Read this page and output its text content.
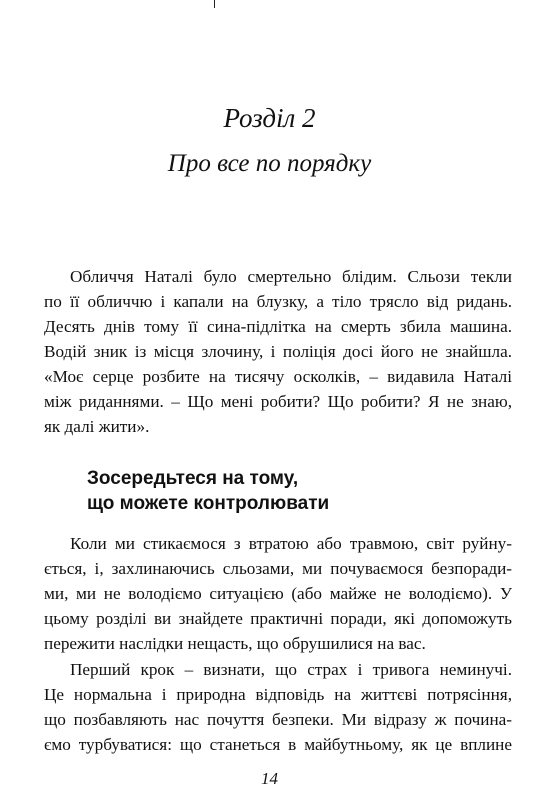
Розділ 2
Про все по порядку

Обличчя Наталі було смертельно блідим. Сльози текли
по її обличчю і капали на блузку, а тіло трясло від ридань.
Десять днів тому її сина-підлітка на смерть збила машина.
Водій зник із місця злочину, і поліція досі його не знайшла.
«Моє серце розбите на тисячу осколків, – видавила Наталі
між риданнями. – Що мені робити? Що робити? Я не знаю,
як далі жити».

Зосередьтеся на тому,
що можете контролювати

Коли ми стикаємося з втратою або травмою, світ руйну-
ється, і, захлинаючись сльозами, ми почуваємося безпоради-
ми, ми не володіємо ситуацією (або майже не володіємо). У
цьому розділі ви знайдете практичні поради, які допоможуть
пережити наслідки нещасть, що обрушилися на вас.

Перший крок – визнати, що страх і тривога неминучі.
Це нормальна і природна відповідь на життєві потрясіння,
що позбавляють нас почуття безпеки. Ми відразу ж почина-
ємо турбуватися: що станеться в майбутньому, як це вплине

14
